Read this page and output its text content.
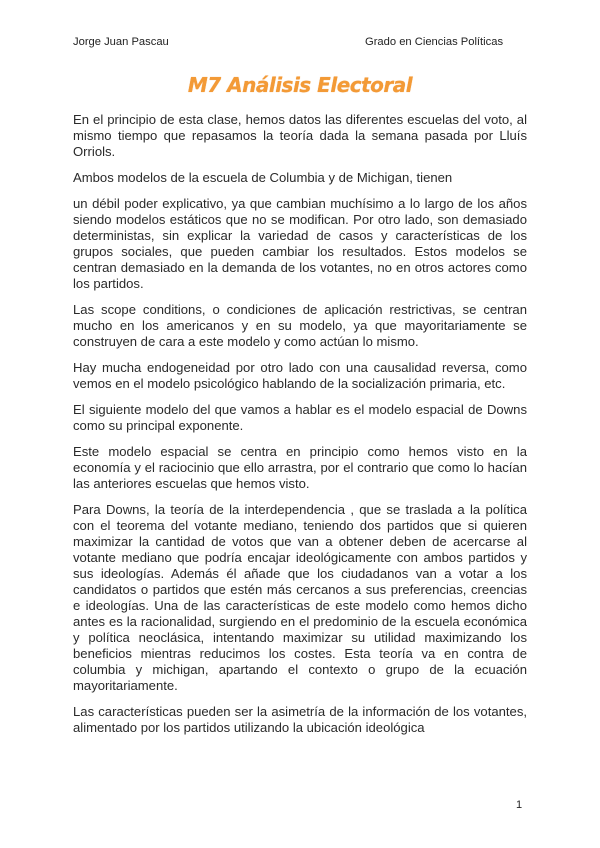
Jorge Juan Pascau	Grado en Ciencias Políticas
M7 Análisis Electoral

En el principio de esta clase, hemos datos las diferentes escuelas del voto, al mismo tiempo que repasamos la teoría dada la semana pasada por Lluís Orriols.

Ambos modelos de la escuela de Columbia y de Michigan, tienen

un débil poder explicativo, ya que cambian muchísimo a lo largo de los años siendo modelos estáticos que no se modifican. Por otro lado, son demasiado deterministas, sin explicar la variedad de casos y características de los grupos sociales, que pueden cambiar los resultados. Estos modelos se centran demasiado en la demanda de los votantes, no en otros actores como los partidos.

Las scope conditions, o condiciones de aplicación restrictivas, se centran mucho en los americanos y en su modelo, ya que mayoritariamente se construyen de cara a este modelo y como actúan lo mismo.

Hay mucha endogeneidad por otro lado con una causalidad reversa, como vemos en el modelo psicológico hablando de la socialización primaria, etc.

El siguiente modelo del que vamos a hablar es el modelo espacial de Downs como su principal exponente.

Este modelo espacial se centra en principio como hemos visto en la economía y el raciocinio que ello arrastra, por el contrario que como lo hacían las anteriores escuelas que hemos visto.

Para Downs, la teoría de la interdependencia , que se traslada a la política con el teorema del votante mediano, teniendo dos partidos que si quieren maximizar la cantidad de votos que van a obtener deben de acercarse al votante mediano que podría encajar ideológicamente con ambos partidos y sus ideologías. Además él añade que los ciudadanos van a votar a los candidatos o partidos que estén más cercanos a sus preferencias, creencias e ideologías. Una de las características de este modelo como hemos dicho antes es la racionalidad, surgiendo en el predominio de la escuela económica y política neoclásica, intentando maximizar su utilidad maximizando los beneficios mientras reducimos los costes. Esta teoría va en contra de columbia y michigan, apartando el contexto o grupo de la ecuación mayoritariamente.

Las características pueden ser la asimetría de la información de los votantes, alimentado por los partidos utilizando la ubicación ideológica

1
